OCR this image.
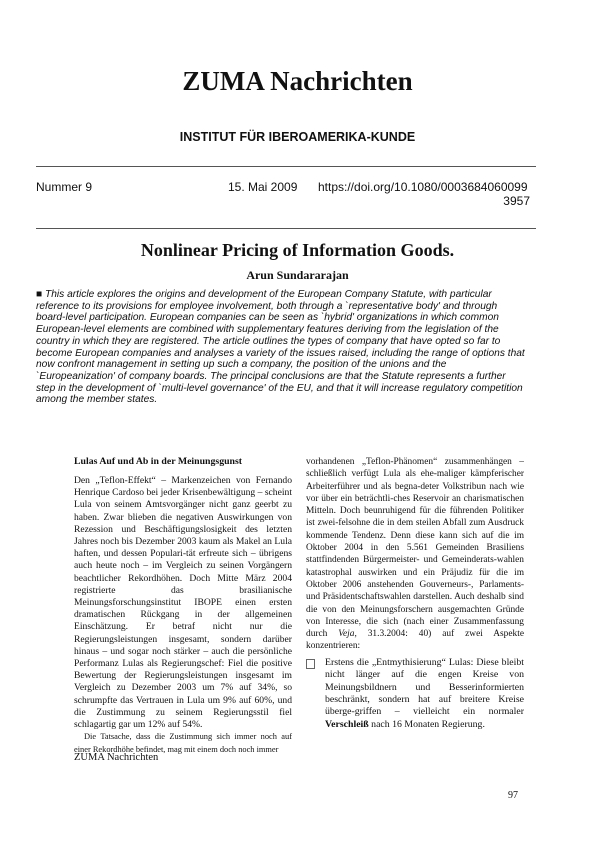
ZUMA Nachrichten
INSTITUT FÜR IBEROAMERIKA-KUNDE
Nummer 9	15. Mai 2009 https://doi.org/10.1080/0003684060099
3957
Nonlinear Pricing of Information Goods.
Arun Sundararajan
■ This article explores the origins and development of the European Company Statute, with particular reference to its provisions for employee involvement, both through a `representative body' and through board-level participation. European companies can be seen as `hybrid' organizations in which common European-level elements are combined with supplementary features deriving from the legislation of the country in which they are registered. The article outlines the types of company that have opted so far to become European companies and analyses a variety of the issues raised, including the range of options that now confront management in setting up such a company, the position of the unions and the `Europeanization' of company boards. The principal conclusions are that the Statute represents a further step in the development of `multi-level governance' of the EU, and that it will increase regulatory competition among the member states.
Lulas Auf und Ab in der Meinungsgunst

Den „Teflon-Effekt“ – Markenzeichen von Fernando Henrique Cardoso bei jeder Krisenbewältigung – scheint Lula von seinem Amtsvorgänger nicht ganz geerbt zu haben. Zwar blieben die negativen Auswirkungen von Rezession und Beschäftigungslosigkeit des letzten Jahres noch bis Dezember 2003 kaum als Makel an Lula haften, und dessen Populari-tät erfreute sich – übrigens auch heute noch – im Vergleich zu seinen Vorgängern beachtlicher Rekordhöhen. Doch Mitte März 2004 registrierte das brasilianische Meinungsforschungsinstitut IBOPE einen ersten dramatischen Rückgang in der allgemeinen Einschätzung. Er betraf nicht nur die Regierungsleistungen insgesamt, sondern darüber hinaus – und sogar noch stärker – auch die persönliche Performanz Lulas als Regierungschef: Fiel die positive Bewertung der Regierungsleistungen insgesamt im Vergleich zu Dezember 2003 um 7% auf 34%, so schrumpfte das Vertrauen in Lula um 9% auf 60%, und die Zustimmung zu seinem Regierungsstil fiel schlagartig gar um 12% auf 54%.

Die Tatsache, dass die Zustimmung sich immer noch auf einer Rekordhöhe befindet, mag mit einem doch noch immer

vorhandenen „Teflon-Phänomen“ zusammenhängen – schließlich verfügt Lula als ehe-maliger kämpferischer Arbeiterführer und als begna-deter Volkstribun nach wie vor über ein beträchtli-ches Reservoir an charismatischen Mitteln. Doch beunruhigend für die führenden Politiker ist zwei-felsohne die in dem steilen Abfall zum Ausdruck kommende Tendenz. Denn diese kann sich auf die im Oktober 2004 in den 5.561 Gemeinden Brasiliens stattfindenden Bürgermeister- und Gemeinderats-wahlen katastrophal auswirken und ein Präjudiz für die im Oktober 2006 anstehenden Gouverneurs-, Parlaments- und Präsidentschaftswahlen darstellen. Auch deshalb sind die von den Meinungsforschern ausgemachten Gründe von Interesse, die sich (nach einer Zusammenfassung durch Veja, 31.3.2004: 40) auf zwei Aspekte konzentrieren:

Erstens die „Entmythisierung“ Lulas: Diese bleibt nicht länger auf die engen Kreise von Meinungsbildnern und Besserinformierten beschränkt, sondern hat auf breitere Kreise überge-griffen – vielleicht ein normaler Verschleiß nach 16 Monaten Regierung.
ZUMA Nachrichten
97
